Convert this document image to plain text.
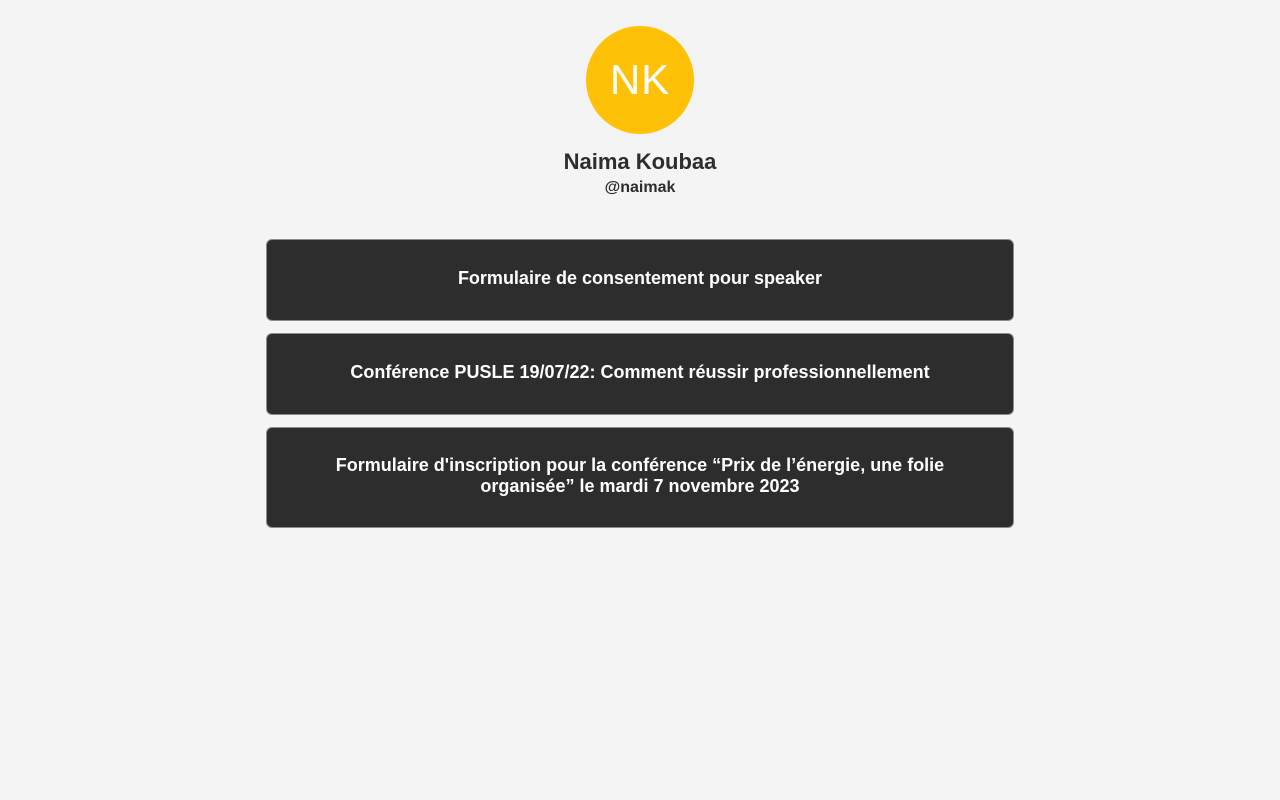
NK
Naima Koubaa
@naimak
Formulaire de consentement pour speaker
Conférence PUSLE 19/07/22: Comment réussir professionnellement
Formulaire d'inscription pour la conférence “Prix de l’énergie, une folie organisée” le mardi 7 novembre 2023
